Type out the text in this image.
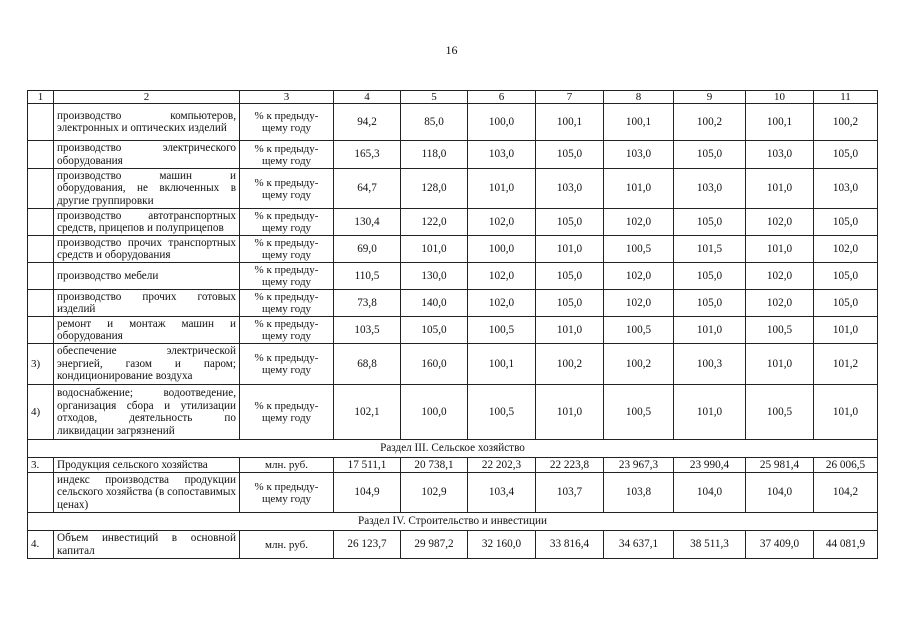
16
1	2	3	4	5	6	7	8	9	10	11
	производство компьютеров, электронных и оптических изделий	% к предыду-щему году	94,2	85,0	100,0	100,1	100,1	100,2	100,1	100,2
	производство электрического оборудования	% к предыду-щему году	165,3	118,0	103,0	105,0	103,0	105,0	103,0	105,0
	производство машин и оборудования, не включенных в другие группировки	% к предыду-щему году	64,7	128,0	101,0	103,0	101,0	103,0	101,0	103,0
	производство автотранспортных средств, прицепов и полуприцепов	% к предыду-щему году	130,4	122,0	102,0	105,0	102,0	105,0	102,0	105,0
	производство прочих транспортных средств и оборудования	% к предыду-щему году	69,0	101,0	100,0	101,0	100,5	101,5	101,0	102,0
	производство мебели	% к предыду-щему году	110,5	130,0	102,0	105,0	102,0	105,0	102,0	105,0
	производство прочих готовых изделий	% к предыду-щему году	73,8	140,0	102,0	105,0	102,0	105,0	102,0	105,0
	ремонт и монтаж машин и оборудования	% к предыду-щему году	103,5	105,0	100,5	101,0	100,5	101,0	100,5	101,0
3)	обеспечение электрической энергией, газом и паром; кондиционирование воздуха	% к предыду-щему году	68,8	160,0	100,1	100,2	100,2	100,3	101,0	101,2
4)	водоснабжение; водоотведение, организация сбора и утилизации отходов, деятельность по ликвидации загрязнений	% к предыду-щему году	102,1	100,0	100,5	101,0	100,5	101,0	100,5	101,0
Раздел III. Сельское хозяйство										
3.	Продукция сельского хозяйства	млн. руб.	17 511,1	20 738,1	22 202,3	22 223,8	23 967,3	23 990,4	25 981,4	26 006,5
	индекс производства продукции сельского хозяйства (в сопоставимых ценах)	% к предыду-щему году	104,9	102,9	103,4	103,7	103,8	104,0	104,0	104,2
Раздел IV. Строительство и инвестиции										
4.	Объем инвестиций в основной капитал	млн. руб.	26 123,7	29 987,2	32 160,0	33 816,4	34 637,1	38 511,3	37 409,0	44 081,9
